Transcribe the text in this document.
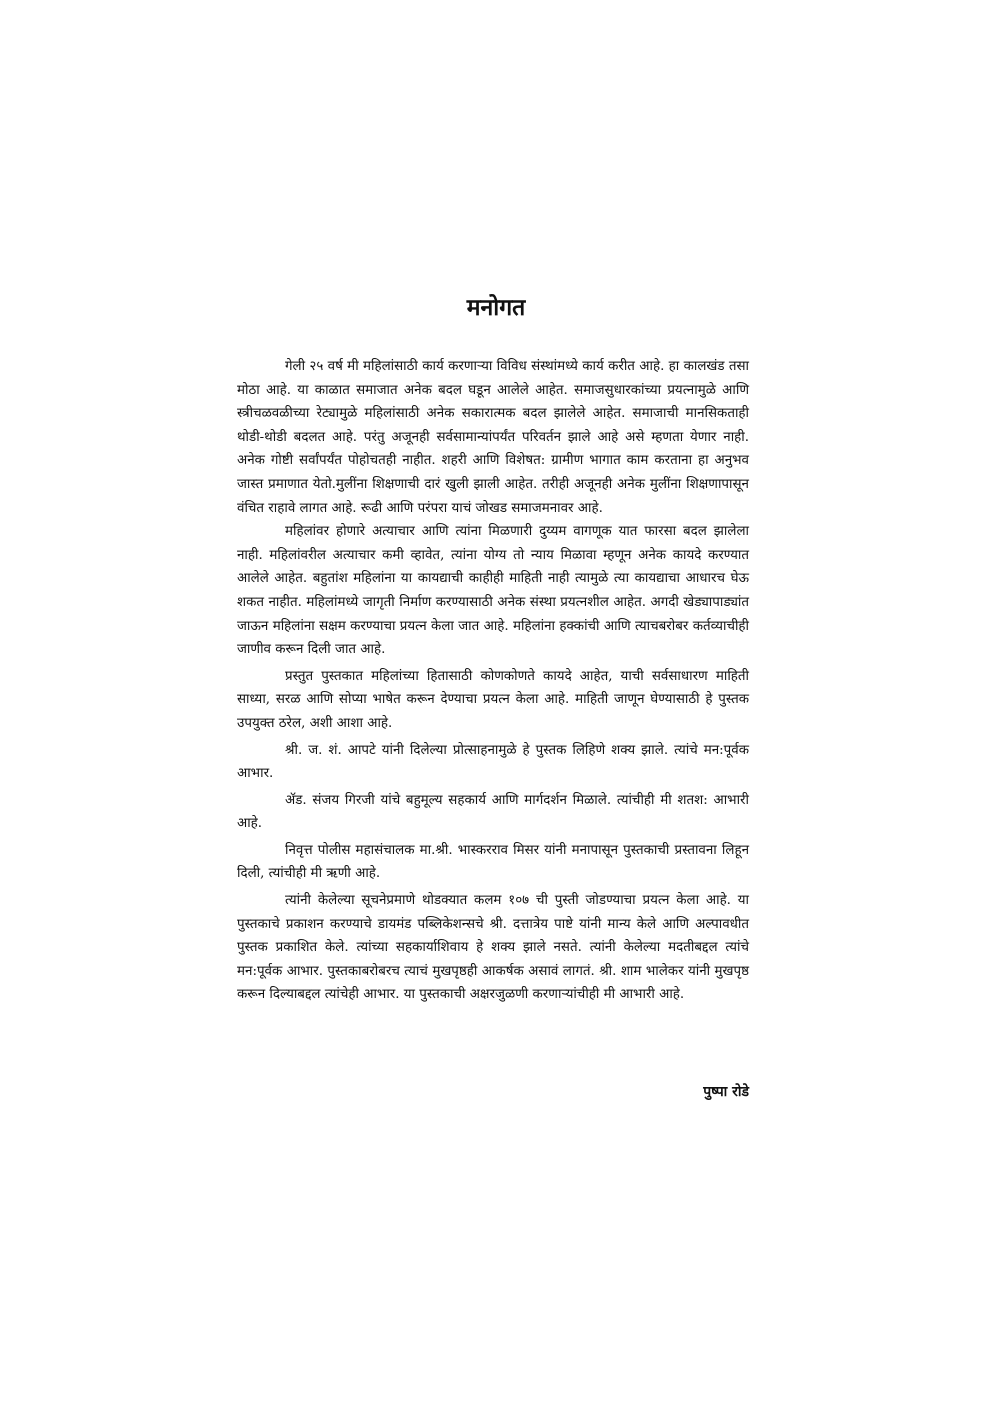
मनोगत

गेली २५ वर्ष मी महिलांसाठी कार्य करणाऱ्या विविध संस्थांमध्ये कार्य करीत आहे. हा कालखंड तसा मोठा आहे. या काळात समाजात अनेक बदल घडून आलेले आहेत. समाजसुधारकांच्या प्रयत्नामुळे आणि स्त्रीचळवळीच्या रेट्यामुळे महिलांसाठी अनेक सकारात्मक बदल झालेले आहेत. समाजाची मानसिकताही थोडी-थोडी बदलत आहे. परंतु अजूनही सर्वसामान्यांपर्यंत परिवर्तन झाले आहे असे म्हणता येणार नाही. अनेक गोष्टी सर्वांपर्यंत पोहोचतही नाहीत. शहरी आणि विशेषत: ग्रामीण भागात काम करताना हा अनुभव जास्त प्रमाणात येतो.मुलींना शिक्षणाची दारं खुली झाली आहेत. तरीही अजूनही अनेक मुलींना शिक्षणापासून वंचित राहावे लागत आहे. रूढी आणि परंपरा याचं जोखड समाजमनावर आहे.

महिलांवर होणारे अत्याचार आणि त्यांना मिळणारी दुय्यम वागणूक यात फारसा बदल झालेला नाही. महिलांवरील अत्याचार कमी व्हावेत, त्यांना योग्य तो न्याय मिळावा म्हणून अनेक कायदे करण्यात आलेले आहेत. बहुतांश महिलांना या कायद्याची काहीही माहिती नाही त्यामुळे त्या कायद्याचा आधारच घेऊ शकत नाहीत. महिलांमध्ये जागृती निर्माण करण्यासाठी अनेक संस्था प्रयत्नशील आहेत. अगदी खेड्यापाड्यांत जाऊन महिलांना सक्षम करण्याचा प्रयत्न केला जात आहे. महिलांना हक्कांची आणि त्याचबरोबर कर्तव्याचीही जाणीव करून दिली जात आहे.

प्रस्तुत पुस्तकात महिलांच्या हितासाठी कोणकोणते कायदे आहेत, याची सर्वसाधारण माहिती साध्या, सरळ आणि सोप्या भाषेत करून देण्याचा प्रयत्न केला आहे. माहिती जाणून घेण्यासाठी हे पुस्तक उपयुक्त ठरेल, अशी आशा आहे.

श्री. ज. शं. आपटे यांनी दिलेल्या प्रोत्साहनामुळे हे पुस्तक लिहिणे शक्य झाले. त्यांचे मन:पूर्वक आभार.

ॲड. संजय गिरजी यांचे बहुमूल्य सहकार्य आणि मार्गदर्शन मिळाले. त्यांचीही मी शतश: आभारी आहे.

निवृत्त पोलीस महासंचालक मा.श्री. भास्करराव मिसर यांनी मनापासून पुस्तकाची प्रस्तावना लिहून दिली, त्यांचीही मी ऋणी आहे.

त्यांनी केलेल्या सूचनेप्रमाणे थोडक्यात कलम १०७ ची पुस्ती जोडण्याचा प्रयत्न केला आहे. या पुस्तकाचे प्रकाशन करण्याचे डायमंड पब्लिकेशन्सचे श्री. दत्तात्रेय पाष्टे यांनी मान्य केले आणि अल्पावधीत पुस्तक प्रकाशित केले. त्यांच्या सहकार्याशिवाय हे शक्य झाले नसते. त्यांनी केलेल्या मदतीबद्दल त्यांचे मन:पूर्वक आभार. पुस्तकाबरोबरच त्याचं मुखपृष्ठही आकर्षक असावं लागतं. श्री. शाम भालेकर यांनी मुखपृष्ठ करून दिल्याबद्दल त्यांचेही आभार. या पुस्तकाची अक्षरजुळणी करणाऱ्यांचीही मी आभारी आहे.

पुष्पा रोडे
